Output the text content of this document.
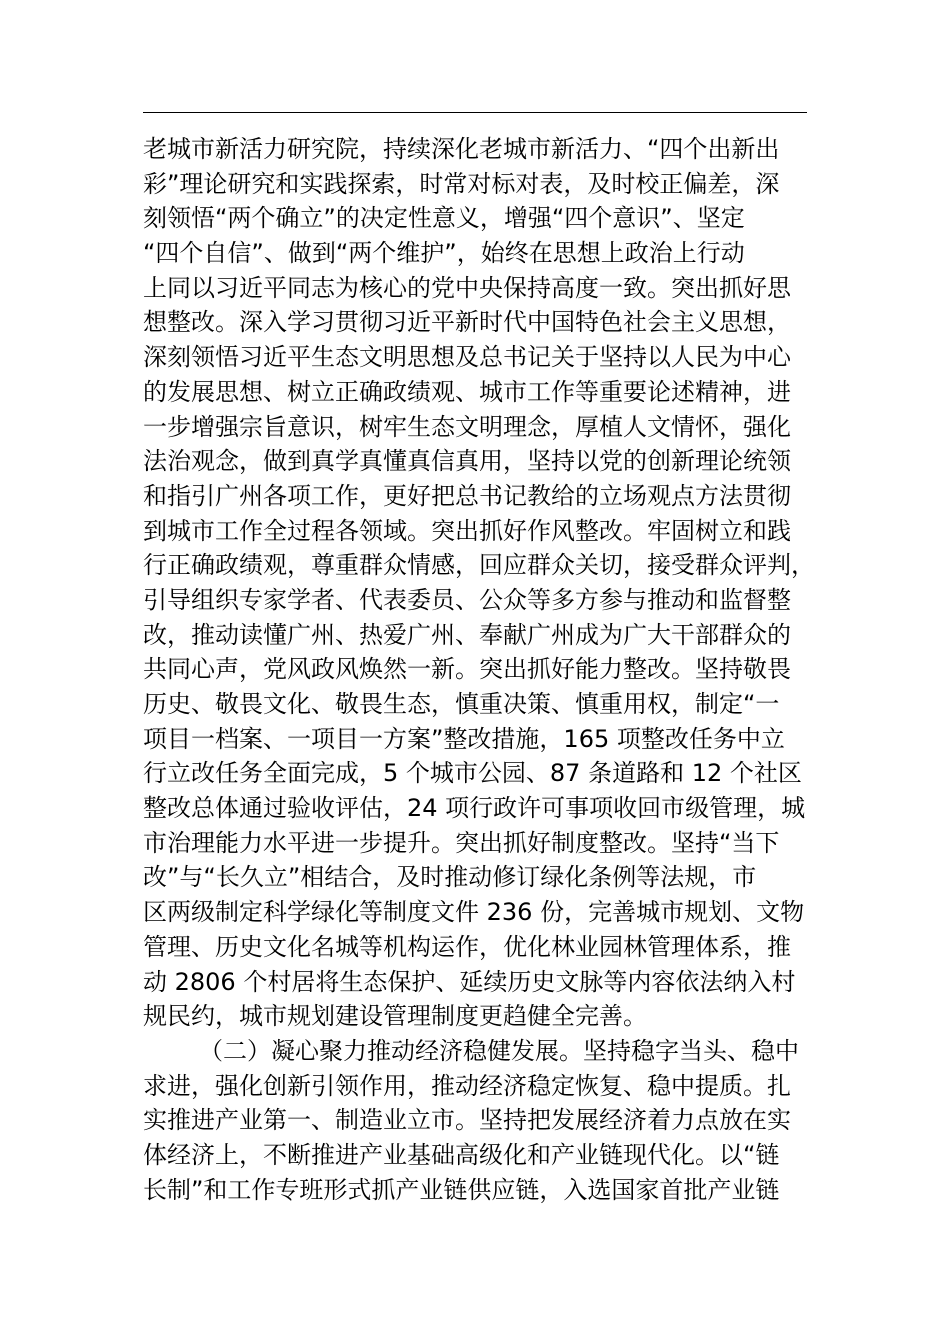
老城市新活力研究院，持续深化老城市新活力、“四个出新出
彩”理论研究和实践探索，时常对标对表，及时校正偏差，深
刻领悟“两个确立”的决定性意义，增强“四个意识”、坚定
“四个自信”、做到“两个维护”，始终在思想上政治上行动
上同以习近平同志为核心的党中央保持高度一致。突出抓好思
想整改。深入学习贯彻习近平新时代中国特色社会主义思想，
深刻领悟习近平生态文明思想及总书记关于坚持以人民为中心
的发展思想、树立正确政绩观、城市工作等重要论述精神，进
一步增强宗旨意识，树牢生态文明理念，厚植人文情怀，强化
法治观念，做到真学真懂真信真用，坚持以党的创新理论统领
和指引广州各项工作，更好把总书记教给的立场观点方法贯彻
到城市工作全过程各领域。突出抓好作风整改。牢固树立和践
行正确政绩观，尊重群众情感，回应群众关切，接受群众评判，
引导组织专家学者、代表委员、公众等多方参与推动和监督整
改，推动读懂广州、热爱广州、奉献广州成为广大干部群众的
共同心声，党风政风焕然一新。突出抓好能力整改。坚持敬畏
历史、敬畏文化、敬畏生态，慎重决策、慎重用权，制定“一
项目一档案、一项目一方案”整改措施，165 项整改任务中立
行立改任务全面完成，5 个城市公园、87 条道路和 12 个社区
整改总体通过验收评估，24 项行政许可事项收回市级管理，城
市治理能力水平进一步提升。突出抓好制度整改。坚持“当下
改”与“长久立”相结合，及时推动修订绿化条例等法规，市
区两级制定科学绿化等制度文件 236 份，完善城市规划、文物
管理、历史文化名城等机构运作，优化林业园林管理体系，推
动 2806 个村居将生态保护、延续历史文脉等内容依法纳入村
规民约，城市规划建设管理制度更趋健全完善。
（二）凝心聚力推动经济稳健发展。坚持稳字当头、稳中
求进，强化创新引领作用，推动经济稳定恢复、稳中提质。扎
实推进产业第一、制造业立市。坚持把发展经济着力点放在实
体经济上，不断推进产业基础高级化和产业链现代化。以“链
长制”和工作专班形式抓产业链供应链，入选国家首批产业链
